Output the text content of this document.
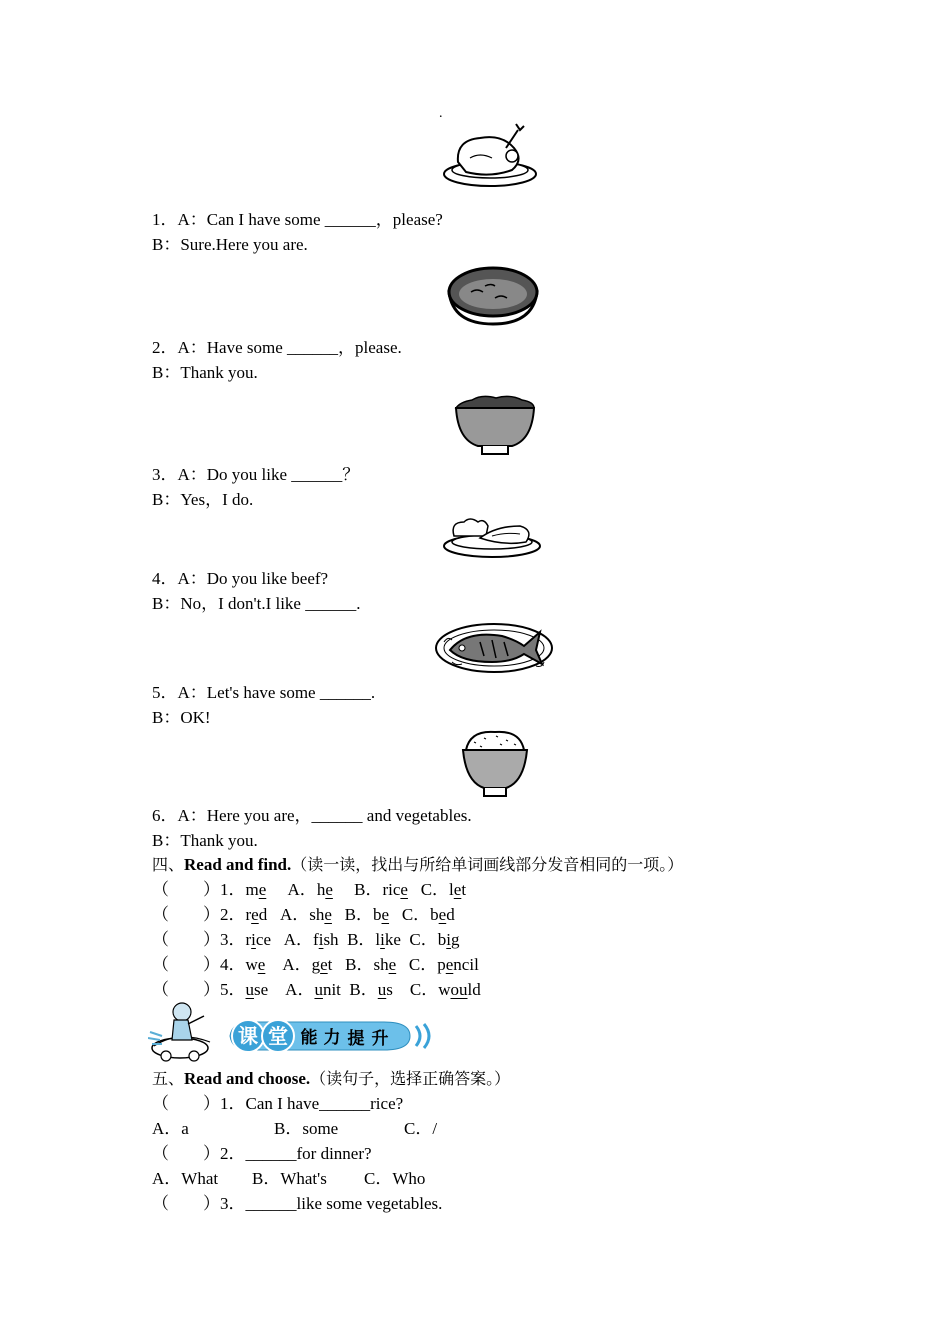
.
1．A：Can I have some ______，please?
B：Sure.Here you are.
2．A：Have some ______，please.
B：Thank you.
3．A：Do you like ______？
B：Yes，I do.
4．A：Do you like beef?
B：No，I don't.I like ______.
5．A：Let's have some ______.
B：OK!
6．A：Here you are，______ and vegetables.
B：Thank you.
四、Read and find.（读一读，找出与所给单词画线部分发音相同的一项。）
（　　）1．me A．he B．rice C．let
（　　）2．red A．she B．be C．bed
（　　）3．rice A．fish B．like C．big
（　　）4．we A．get B．she C．pencil
（　　）5．use A．unit B．us C．would
课 堂 能 力 提 升
五、Read and choose.（读句子，选择正确答案。）
（　　）1．Can I have______rice?
A．a	B．some	C．/
（　　）2．______for dinner?
A．What B．What's C．Who
（　　）3．______like some vegetables.
